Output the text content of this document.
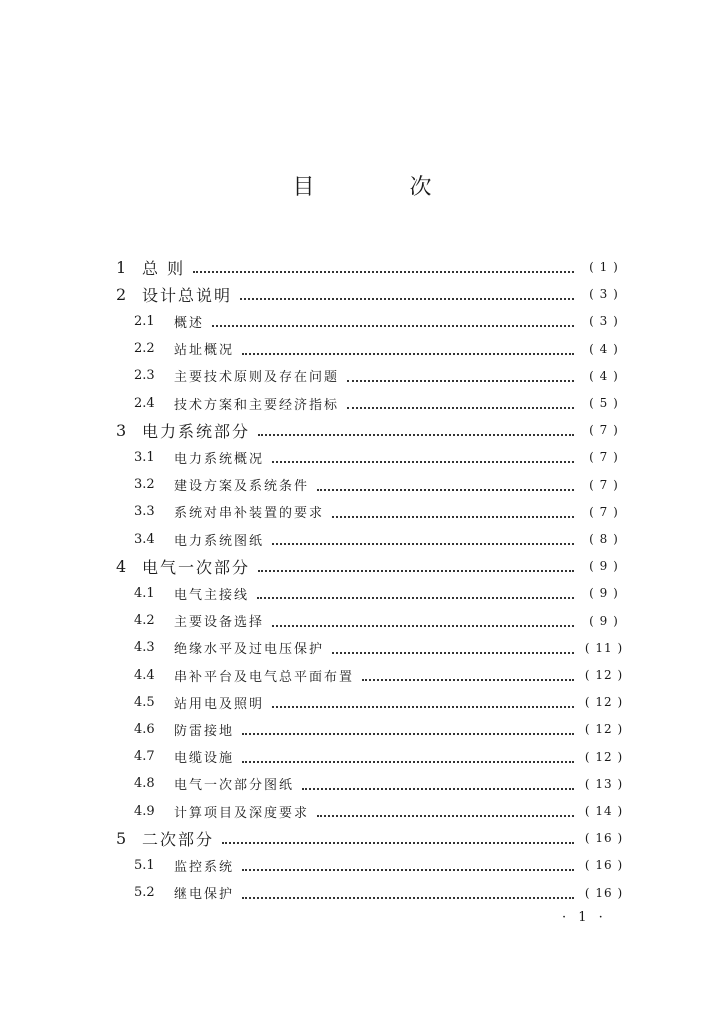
目 次
1 总 则	( 1 )
2 设计总说明	( 3 )
2.1	概述	( 3 )
2.2	站址概况	( 4 )
2.3	主要技术原则及存在问题	( 4 )
2.4	技术方案和主要经济指标	( 5 )
3 电力系统部分	( 7 )
3.1	电力系统概况	( 7 )
3.2	建设方案及系统条件	( 7 )
3.3	系统对串补装置的要求	( 7 )
3.4	电力系统图纸	( 8 )
4 电气一次部分	( 9 )
4.1	电气主接线	( 9 )
4.2	主要设备选择	( 9 )
4.3	绝缘水平及过电压保护	( 11 )
4.4	串补平台及电气总平面布置	( 12 )
4.5	站用电及照明	( 12 )
4.6	防雷接地	( 12 )
4.7	电缆设施	( 12 )
4.8	电气一次部分图纸	( 13 )
4.9	计算项目及深度要求	( 14 )
5 二次部分	( 16 )
5.1	监控系统	( 16 )
5.2	继电保护	( 16 )
· 1 ·
